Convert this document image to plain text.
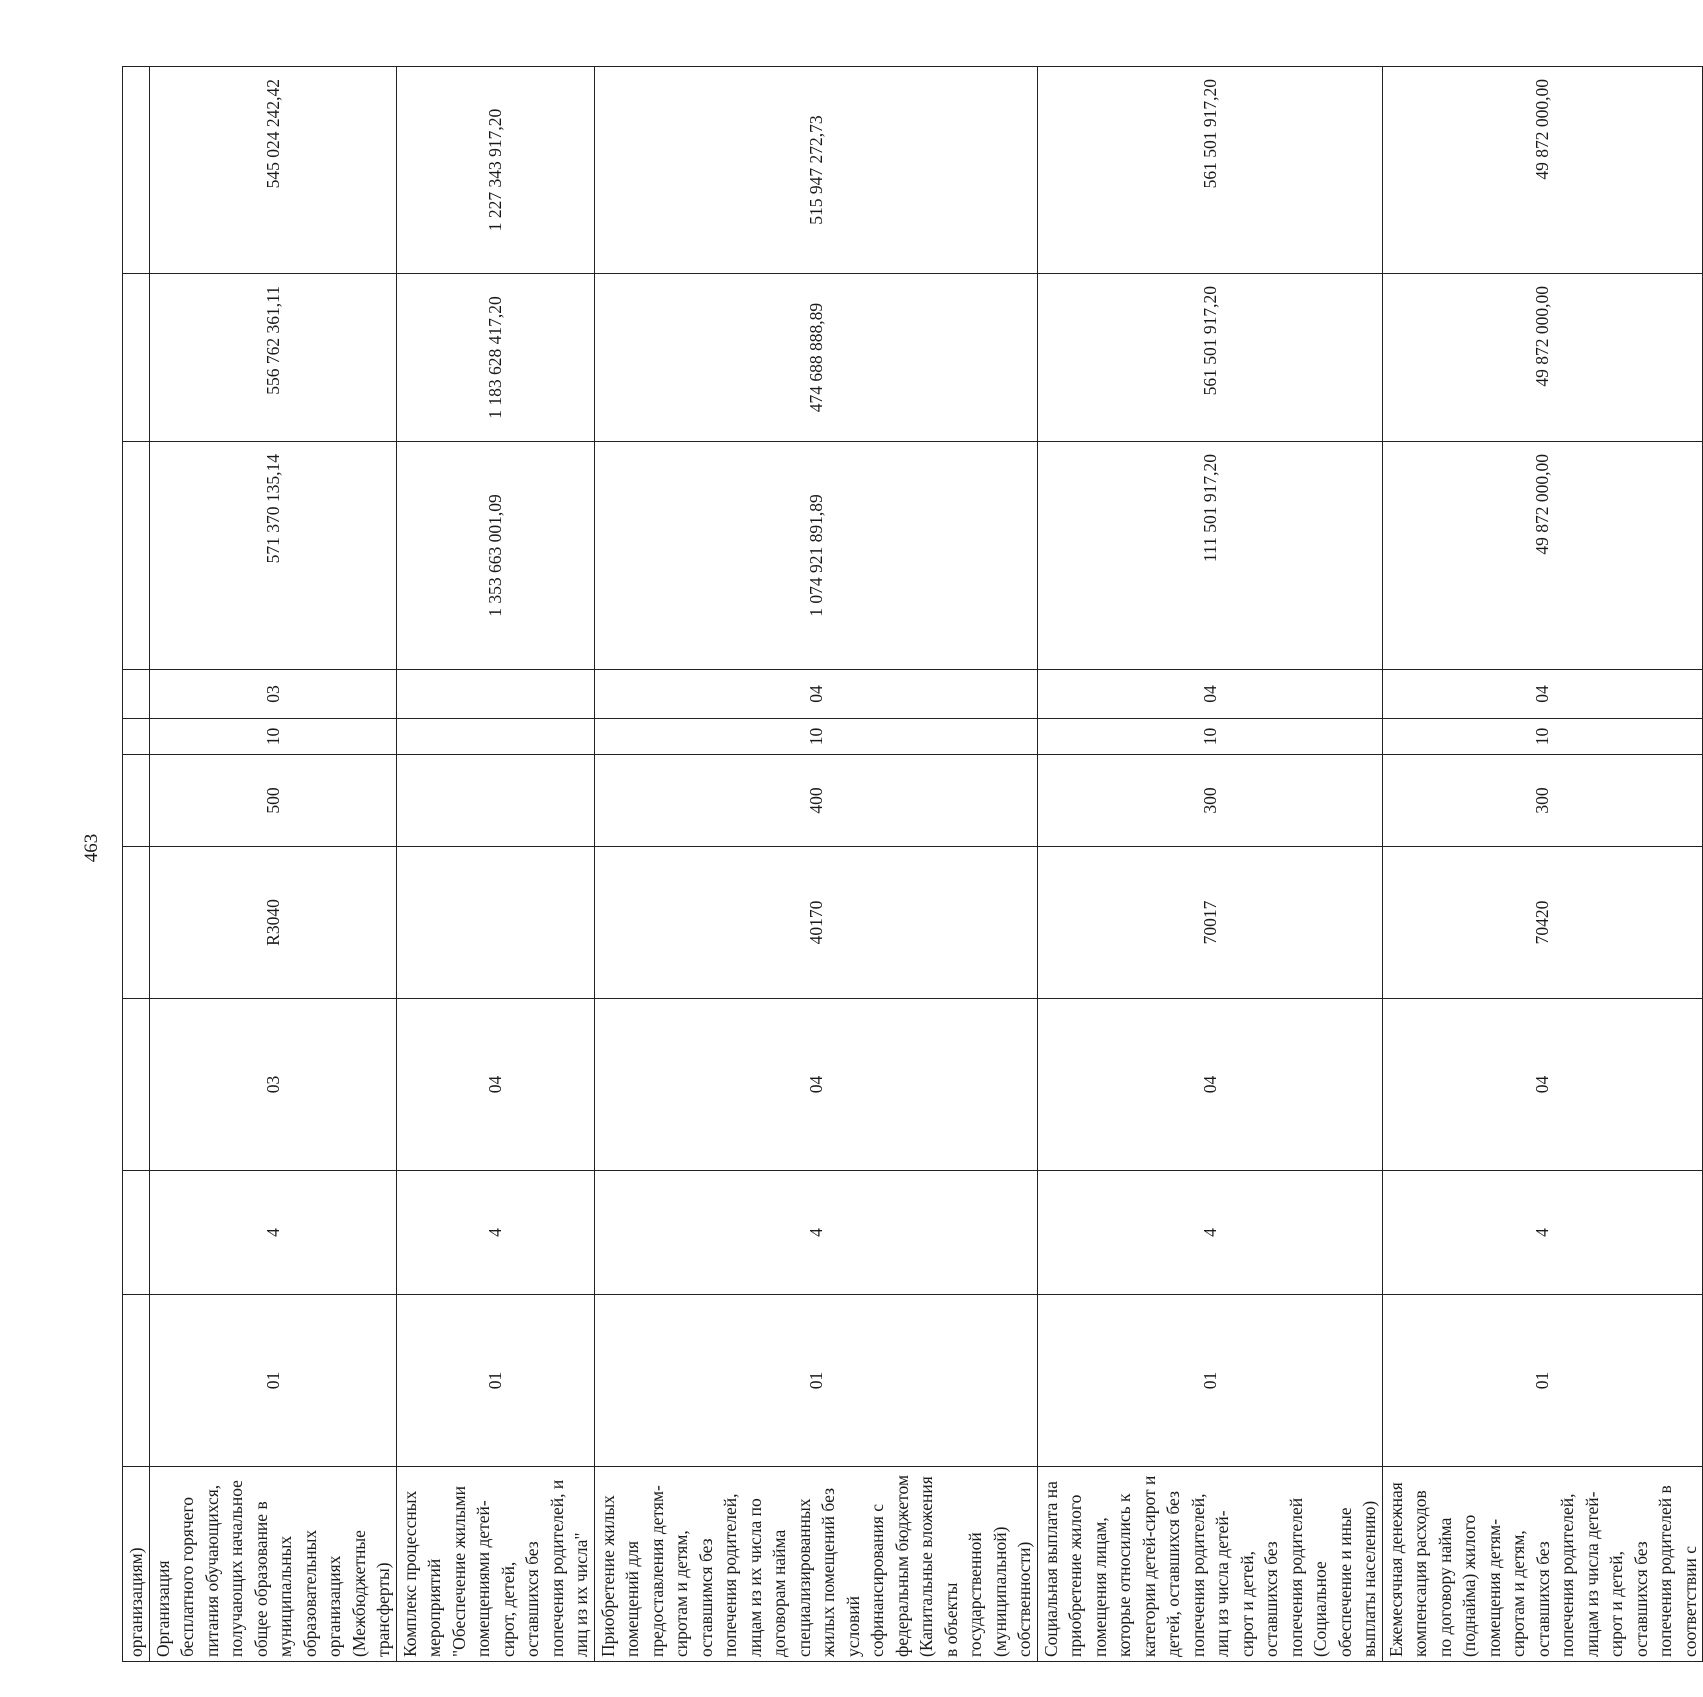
463
организациям)										
Организация бесплатного горячего питания обучающихся, получающих начальное общее образование в муниципальных образовательных организациях (Межбюджетные трансферты)	01	4	03	R3040	500	10	03	571 370 135,14	556 762 361,11	545 024 242,42
Комплекс процессных мероприятий "Обеспечение жилыми помещениями детей-сирот, детей, оставшихся без попечения родителей, и лиц из их числа"	01	4	04					1 353 663 001,09	1 183 628 417,20	1 227 343 917,20
Приобретение жилых помещений для предоставления детям-сиротам и детям, оставшимся без попечения родителей, лицам из их числа по договорам найма специализированных жилых помещений без условий софинансирования с федеральным бюджетом (Капитальные вложения в объекты государственной (муниципальной) собственности)	01	4	04	40170	400	10	04	1 074 921 891,89	474 688 888,89	515 947 272,73
Социальная выплата на приобретение жилого помещения лицам, которые относились к категории детей-сирот и детей, оставшихся без попечения родителей, лиц из числа детей-сирот и детей, оставшихся без попечения родителей (Социальное обеспечение и иные выплаты населению)	01	4	04	70017	300	10	04	111 501 917,20	561 501 917,20	561 501 917,20
Ежемесячная денежная компенсация расходов по договору найма (поднайма) жилого помещения детям-сиротам и детям, оставшихся без попечения родителей, лицам из числа детей-сирот и детей, оставшихся без попечения родителей в соответствии с	01	4	04	70420	300	10	04	49 872 000,00	49 872 000,00	49 872 000,00
